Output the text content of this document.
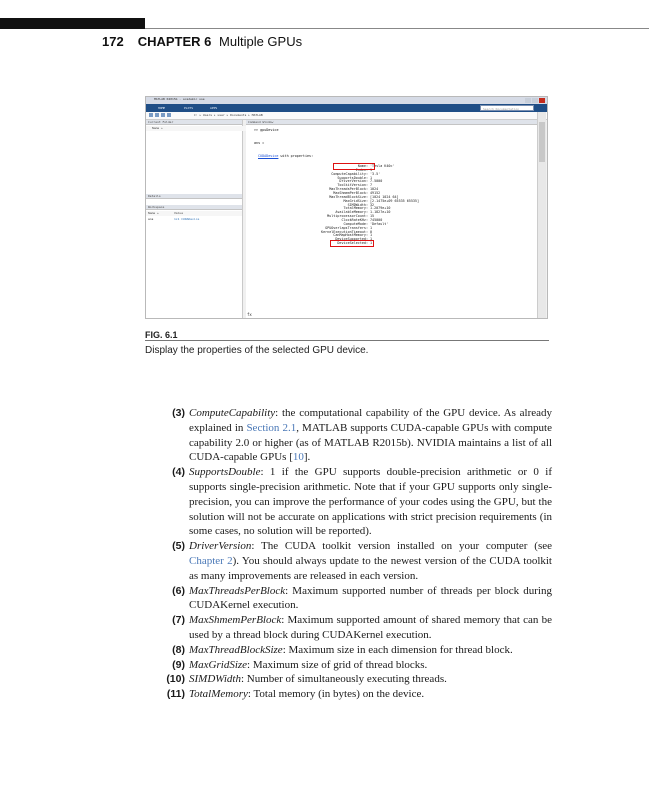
172 CHAPTER 6 Multiple GPUs
MATLAB R2015b - academic use
HOME	PLOTS	APPS	Search Documentation
C: ▸ Users ▸ user ▸ Documents ▸ MATLAB
Current Folder
Name ▴
Details
Workspace
Name ▴	Value
ans	1x1 CUDADevice
Command Window
>> gpuDevice
ans =
CUDADevice with properties:
Name: 'Tesla K40c'
Index: 1
ComputeCapability: '3.5'
SupportsDouble: 1
DriverVersion: 7.5000
ToolkitVersion: 7
MaxThreadsPerBlock: 1024
MaxShmemPerBlock: 49152
MaxThreadBlockSize: [1024 1024 64]
MaxGridSize: [2.1475e+09 65535 65535]
SIMDWidth: 32
TotalMemory: 1.2079e+10
AvailableMemory: 1.1827e+10
MultiprocessorCount: 15
ClockRateKHz: 745000
ComputeMode: 'Default'
GPUOverlapsTransfers: 1
KernelExecutionTimeout: 0
CanMapHostMemory: 1
DeviceSupported: 1
DeviceSelected: 1
fx
FIG. 6.1
Display the properties of the selected GPU device.
(3) ComputeCapability: the computational capability of the GPU device. As already explained in Section 2.1, MATLAB supports CUDA-capable GPUs with compute capability 2.0 or higher (as of MATLAB R2015b). NVIDIA maintains a list of all CUDA-capable GPUs [10].
(4) SupportsDouble: 1 if the GPU supports double-precision arithmetic or 0 if supports single-precision arithmetic. Note that if your GPU supports only single-precision, you can improve the performance of your codes using the GPU, but the solution will not be accurate on applications with strict precision requirements (in some cases, no solution will be reported).
(5) DriverVersion: The CUDA toolkit version installed on your computer (see Chapter 2). You should always update to the newest version of the CUDA toolkit as many improvements are released in each version.
(6) MaxThreadsPerBlock: Maximum supported number of threads per block during CUDAKernel execution.
(7) MaxShmemPerBlock: Maximum supported amount of shared memory that can be used by a thread block during CUDAKernel execution.
(8) MaxThreadBlockSize: Maximum size in each dimension for thread block.
(9) MaxGridSize: Maximum size of grid of thread blocks.
(10) SIMDWidth: Number of simultaneously executing threads.
(11) TotalMemory: Total memory (in bytes) on the device.
